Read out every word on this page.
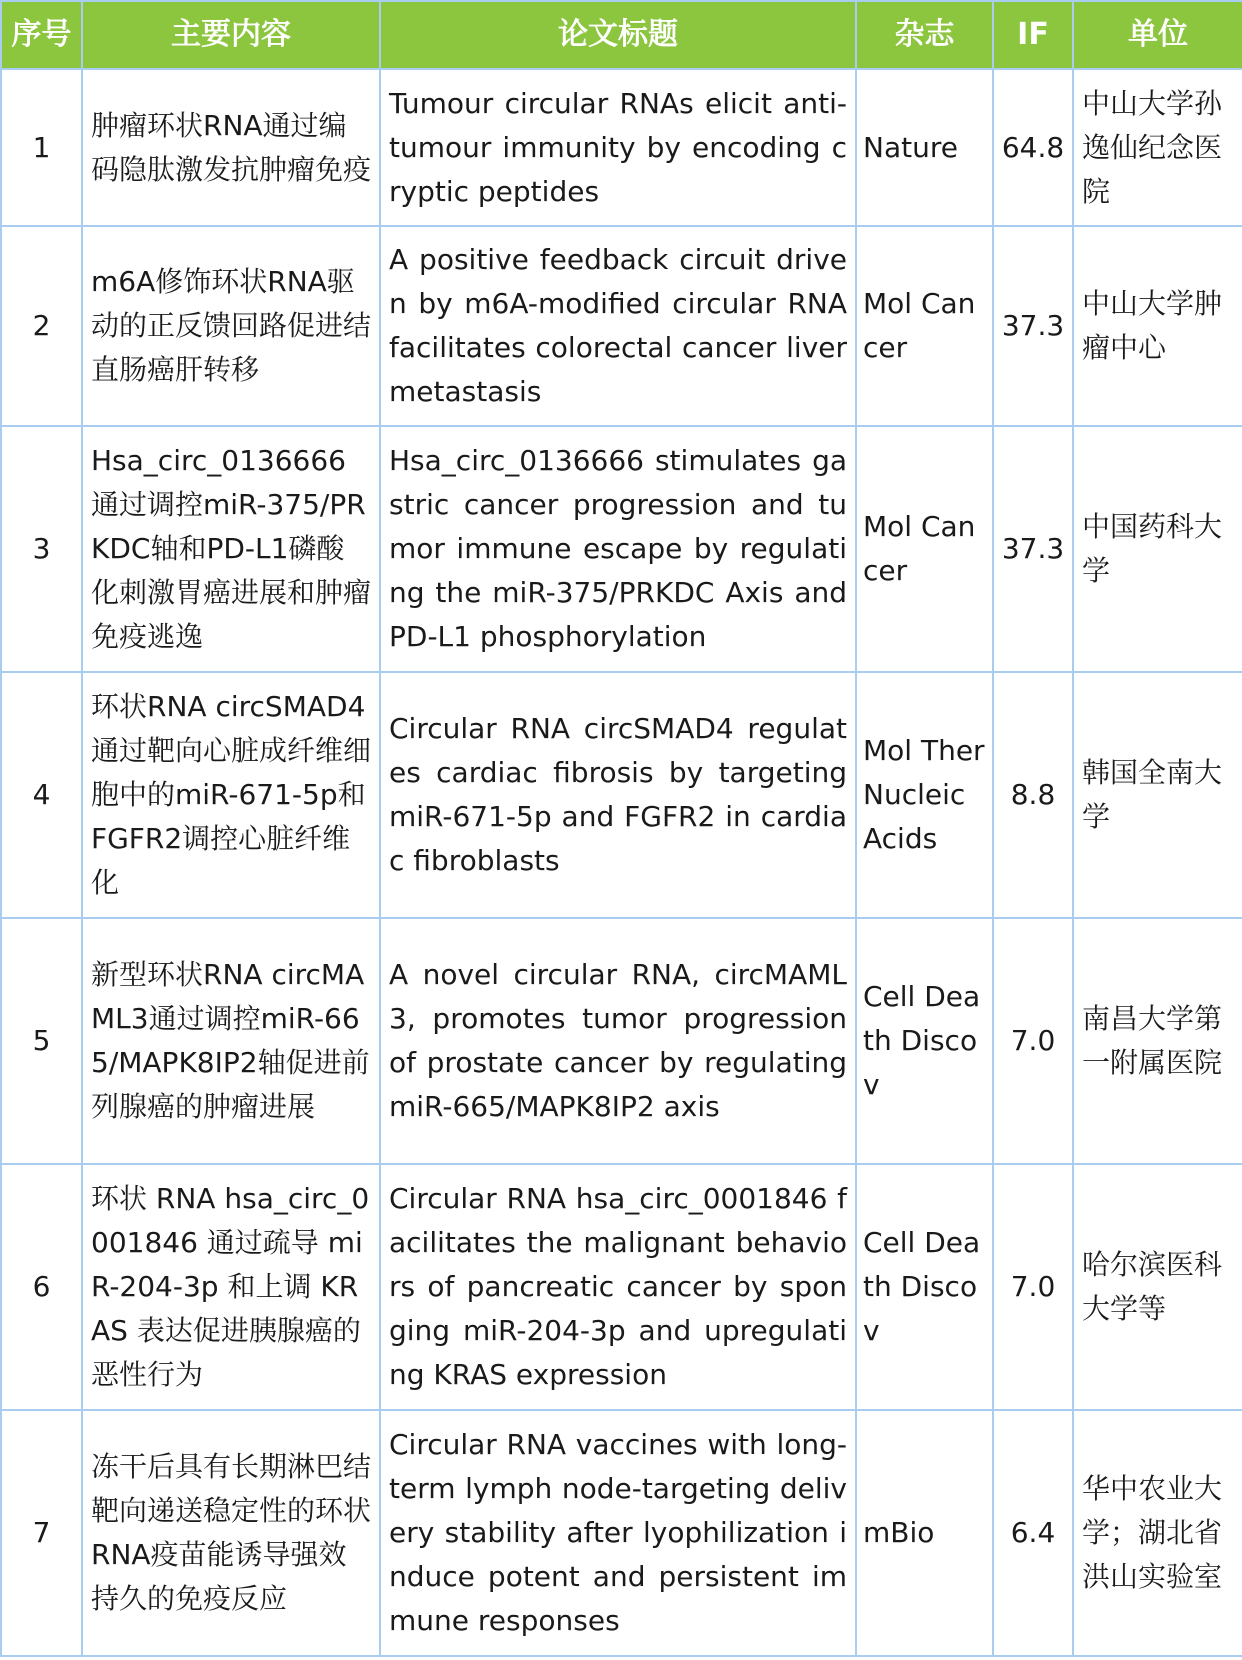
序号	主要内容	论文标题	杂志	IF	单位
1	肿瘤环状RNA通过编码隐肽激发抗肿瘤免疫	Tumour circular RNAs elicit anti-tumour immunity by encoding cryptic peptides	Nature	64.8	中山大学孙逸仙纪念医院
2	m6A修饰环状RNA驱动的正反馈回路促进结直肠癌肝转移	A positive feedback circuit driven by m6A-modified circular RNA facilitates colorectal cancer liver metastasis	Mol Cancer	37.3	中山大学肿瘤中心
3	Hsa_circ_0136666通过调控miR-375/PRKDC轴和PD-L1磷酸化刺激胃癌进展和肿瘤免疫逃逸	Hsa_circ_0136666 stimulates gastric cancer progression and tumor immune escape by regulating the miR-375/PRKDC Axis and PD-L1 phosphorylation	Mol Cancer	37.3	中国药科大学
4	环状RNA circSMAD4通过靶向心脏成纤维细胞中的miR-671-5p和FGFR2调控心脏纤维化	Circular RNA circSMAD4 regulates cardiac fibrosis by targeting miR-671-5p and FGFR2 in cardiac fibroblasts	Mol Ther Nucleic Acids	8.8	韩国全南大学
5	新型环状RNA circMAML3通过调控miR-665/MAPK8IP2轴促进前列腺癌的肿瘤进展	A novel circular RNA, circMAML3, promotes tumor progression of prostate cancer by regulating miR-665/MAPK8IP2 axis	Cell Death Discov	7.0	南昌大学第一附属医院
6	环状 RNA hsa_circ_0001846 通过疏导 miR-204-3p 和上调 KRAS 表达促进胰腺癌的恶性行为	Circular RNA hsa_circ_0001846 facilitates the malignant behaviors of pancreatic cancer by sponging miR-204-3p and upregulating KRAS expression	Cell Death Discov	7.0	哈尔滨医科大学等
7	冻干后具有长期淋巴结靶向递送稳定性的环状RNA疫苗能诱导强效持久的免疫反应	Circular RNA vaccines with long-term lymph node-targeting delivery stability after lyophilization induce potent and persistent immune responses	mBio	6.4	华中农业大学；湖北省洪山实验室
